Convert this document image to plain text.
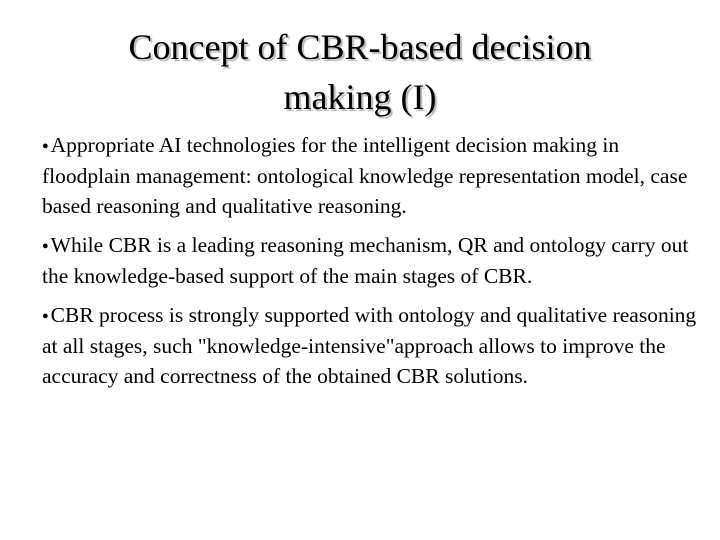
Concept of CBR-based decision
making (I)
●Appropriate AI technologies for the intelligent decision making in floodplain management: ontological knowledge representation model, case based reasoning and qualitative reasoning.
●While CBR is a leading reasoning mechanism, QR and ontology carry out the knowledge-based support of the main stages of CBR.
●CBR process is strongly supported with ontology and qualitative reasoning at all stages, such "knowledge-intensive"approach allows to improve the accuracy and correctness of the obtained CBR solutions.
